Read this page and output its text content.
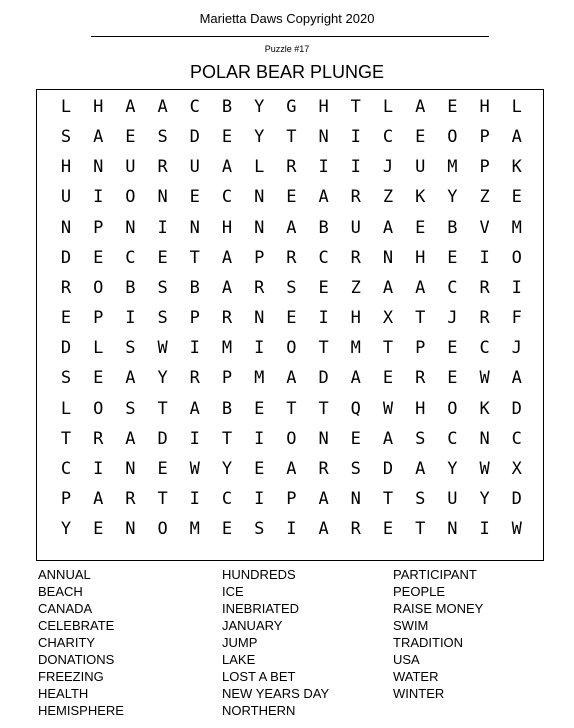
Marietta Daws Copyright 2020
Puzzle #17
POLAR BEAR PLUNGE
L	H	A	A	C	B	Y	G	H	T	L	A	E	H	L
S	A	E	S	D	E	Y	T	N	I	C	E	O	P	A
H	N	U	R	U	A	L	R	I	I	J	U	M	P	K
U	I	O	N	E	C	N	E	A	R	Z	K	Y	Z	E
N	P	N	I	N	H	N	A	B	U	A	E	B	V	M
D	E	C	E	T	A	P	R	C	R	N	H	E	I	O
R	O	B	S	B	A	R	S	E	Z	A	A	C	R	I
E	P	I	S	P	R	N	E	I	H	X	T	J	R	F
D	L	S	W	I	M	I	O	T	M	T	P	E	C	J
S	E	A	Y	R	P	M	A	D	A	E	R	E	W	A
L	O	S	T	A	B	E	T	T	Q	W	H	O	K	D
T	R	A	D	I	T	I	O	N	E	A	S	C	N	C
C	I	N	E	W	Y	E	A	R	S	D	A	Y	W	X
P	A	R	T	I	C	I	P	A	N	T	S	U	Y	D
Y	E	N	O	M	E	S	I	A	R	E	T	N	I	W
ANNUAL
BEACH
CANADA
CELEBRATE
CHARITY
DONATIONS
FREEZING
HEALTH
HEMISPHERE
HUNDREDS
ICE
INEBRIATED
JANUARY
JUMP
LAKE
LOST A BET
NEW YEARS DAY
NORTHERN
PARTICIPANT
PEOPLE
RAISE MONEY
SWIM
TRADITION
USA
WATER
WINTER
